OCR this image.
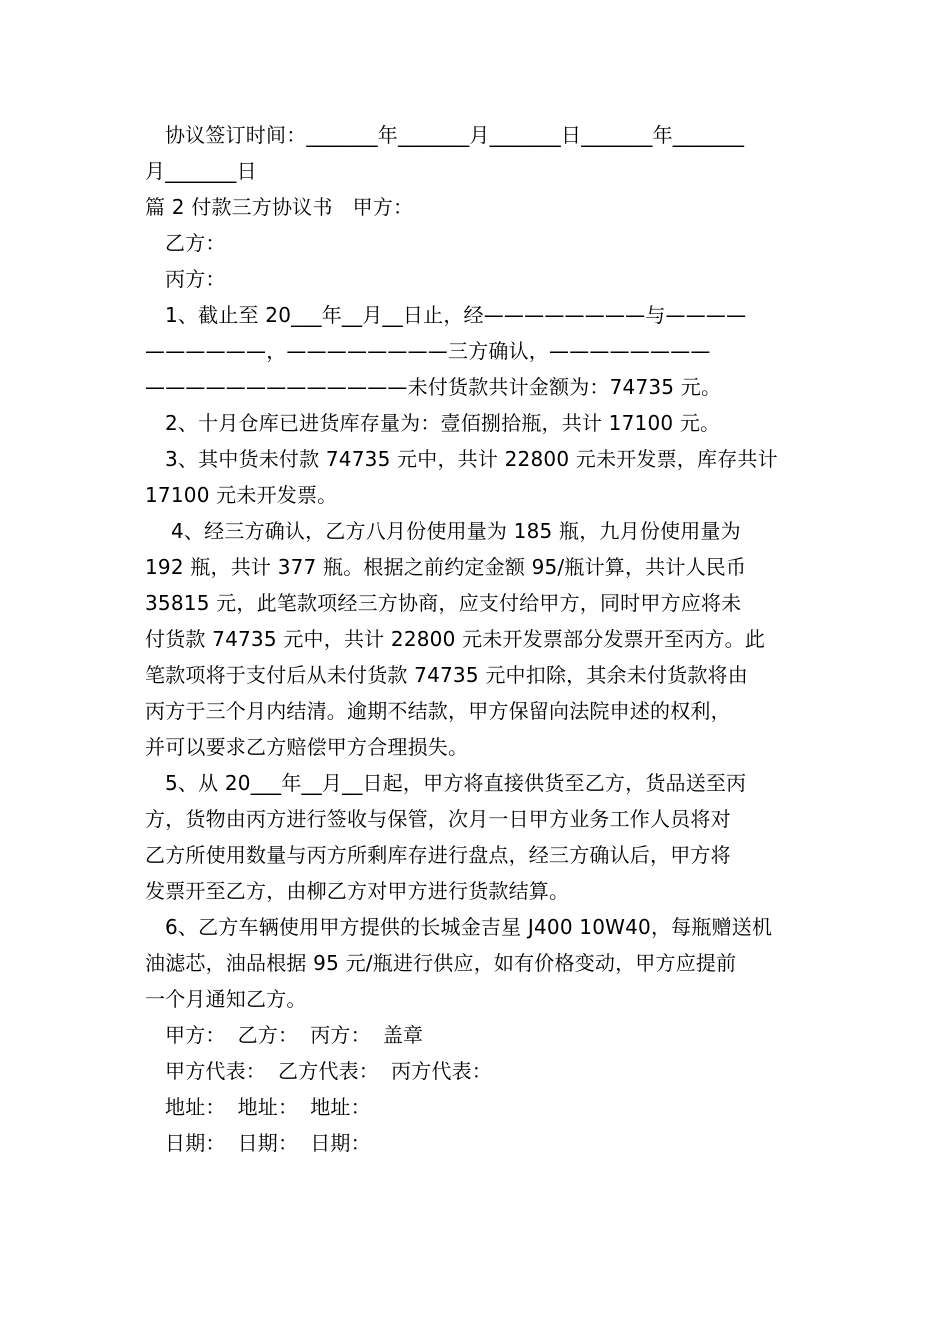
协议签订时间：_______年_______月_______日_______年_______
月_______日
篇 2 付款三方协议书 甲方：
乙方：
丙方：
1、截止至 20___年__月__日止，经————————与————
——————，————————三方确认，————————
—————————————未付货款共计金额为：74735 元。
2、十月仓库已进货库存量为：壹佰捌拾瓶，共计 17100 元。
3、其中货未付款 74735 元中，共计 22800 元未开发票，库存共计
17100 元未开发票。
4、经三方确认，乙方八月份使用量为 185 瓶，九月份使用量为
192 瓶，共计 377 瓶。根据之前约定金额 95/瓶计算，共计人民币
35815 元，此笔款项经三方协商，应支付给甲方，同时甲方应将未
付货款 74735 元中，共计 22800 元未开发票部分发票开至丙方。此
笔款项将于支付后从未付货款 74735 元中扣除，其余未付货款将由
丙方于三个月内结清。逾期不结款，甲方保留向法院申述的权利，
并可以要求乙方赔偿甲方合理损失。
5、从 20___年__月__日起，甲方将直接供货至乙方，货品送至丙
方，货物由丙方进行签收与保管，次月一日甲方业务工作人员将对
乙方所使用数量与丙方所剩库存进行盘点，经三方确认后，甲方将
发票开至乙方，由柳乙方对甲方进行货款结算。
6、乙方车辆使用甲方提供的长城金吉星 J400 10W40，每瓶赠送机
油滤芯，油品根据 95 元/瓶进行供应，如有价格变动，甲方应提前
一个月通知乙方。
甲方： 乙方： 丙方： 盖章
甲方代表： 乙方代表： 丙方代表：
地址： 地址： 地址：
日期： 日期： 日期：
